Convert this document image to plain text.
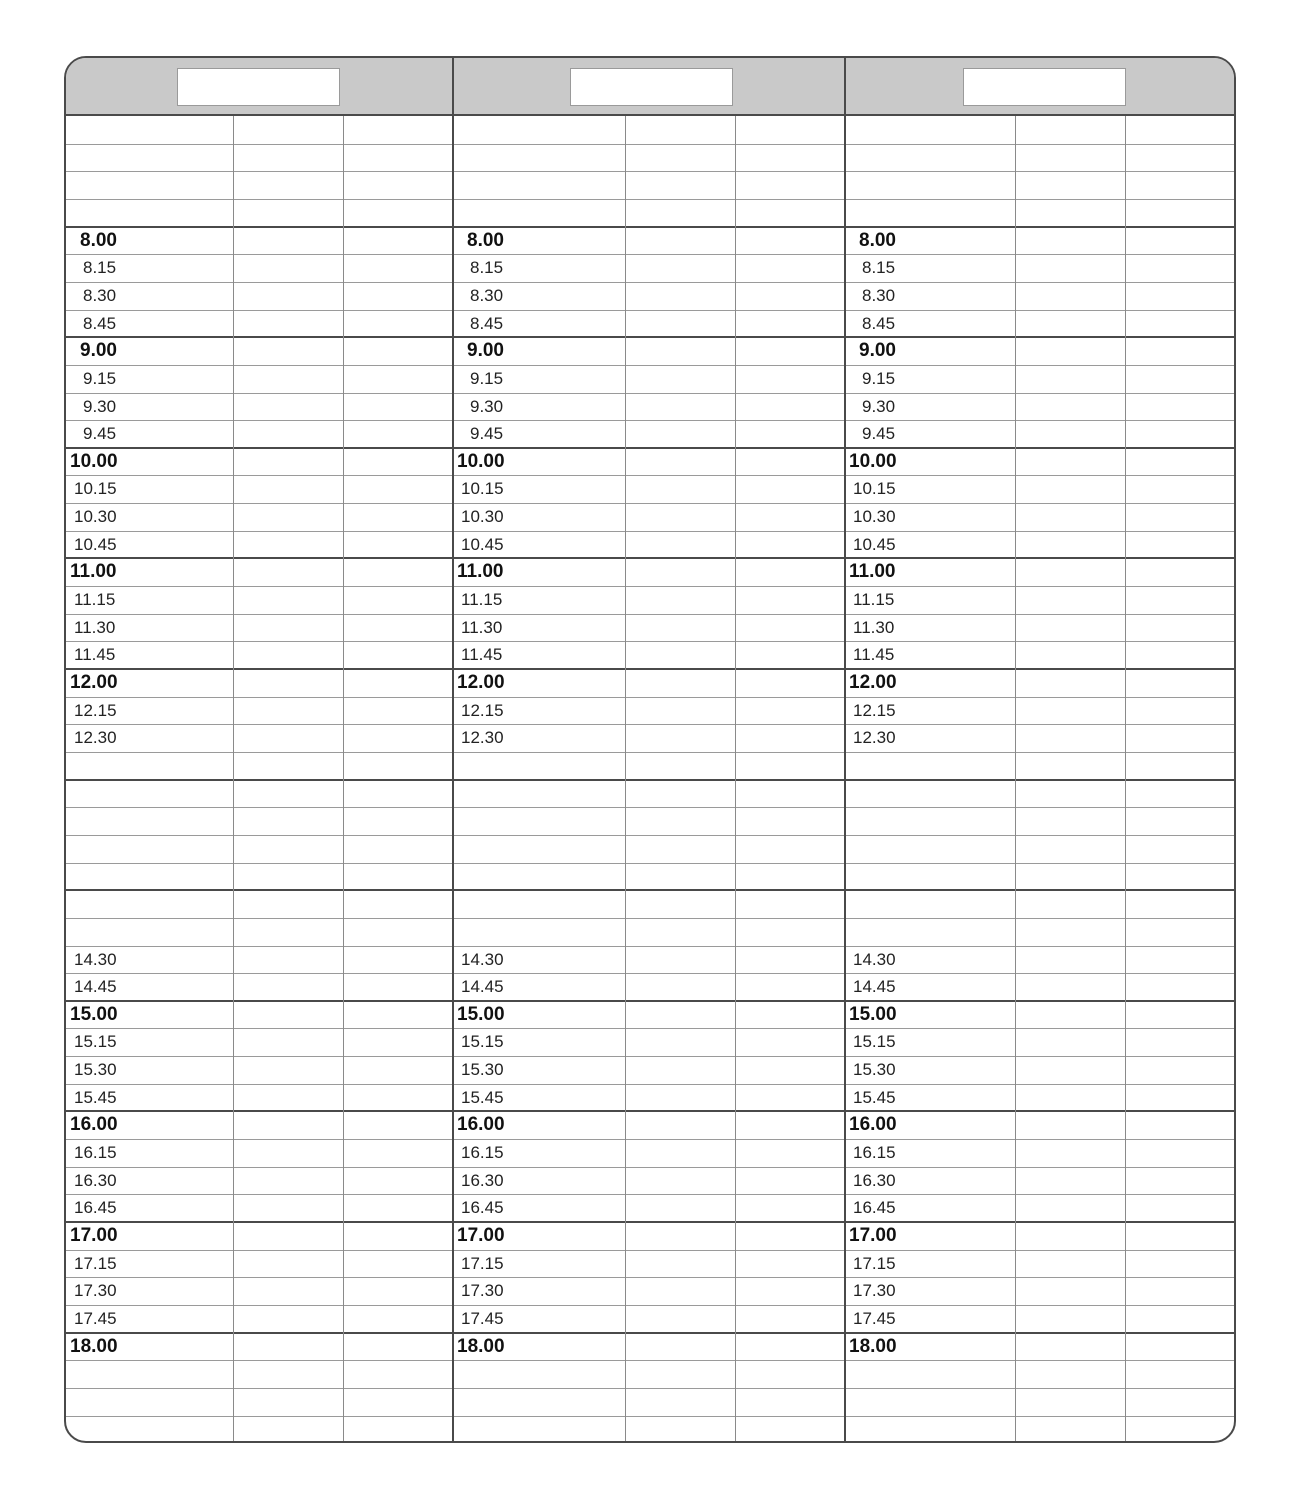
8.00	8.00	8.00
8.15	8.15	8.15
8.30	8.30	8.30
8.45	8.45	8.45
9.00	9.00	9.00
9.15	9.15	9.15
9.30	9.30	9.30
9.45	9.45	9.45
10.00	10.00	10.00
10.15	10.15	10.15
10.30	10.30	10.30
10.45	10.45	10.45
11.00	11.00	11.00
11.15	11.15	11.15
11.30	11.30	11.30
11.45	11.45	11.45
12.00	12.00	12.00
12.15	12.15	12.15
12.30	12.30	12.30
14.30	14.30	14.30
14.45	14.45	14.45
15.00	15.00	15.00
15.15	15.15	15.15
15.30	15.30	15.30
15.45	15.45	15.45
16.00	16.00	16.00
16.15	16.15	16.15
16.30	16.30	16.30
16.45	16.45	16.45
17.00	17.00	17.00
17.15	17.15	17.15
17.30	17.30	17.30
17.45	17.45	17.45
18.00	18.00	18.00
